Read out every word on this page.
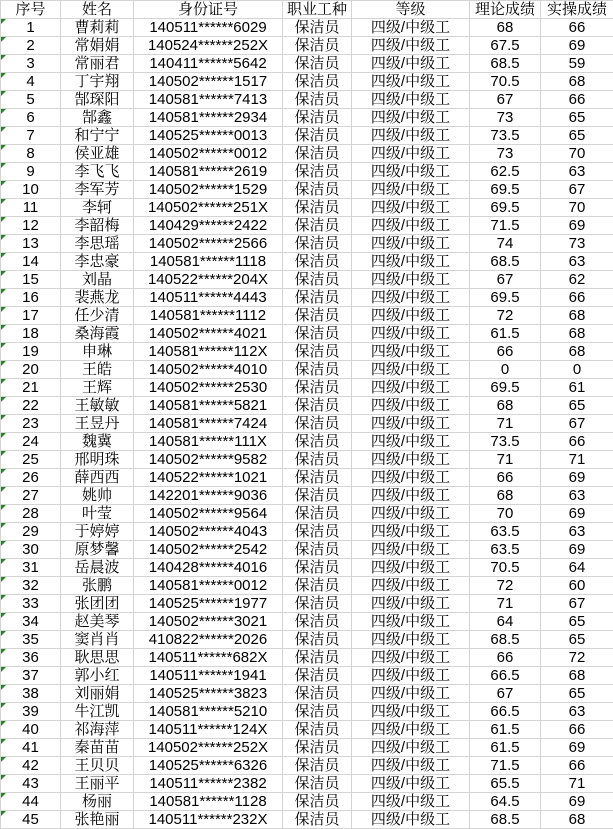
序号	姓名	身份证号	职业工种	等级	理论成绩	实操成绩

1	曹莉莉	140511******6029	保洁员	四级/中级工	68	66

2	常娟娟	140524******252X	保洁员	四级/中级工	67.5	69

3	常丽君	140411******5642	保洁员	四级/中级工	68.5	59

4	丁宇翔	140502******1517	保洁员	四级/中级工	70.5	68

5	郜琛阳	140581******7413	保洁员	四级/中级工	67	66

6	郜鑫	140581******2934	保洁员	四级/中级工	73	65

7	和宁宁	140525******0013	保洁员	四级/中级工	73.5	65

8	侯亚雄	140502******0012	保洁员	四级/中级工	73	70

9	李飞飞	140581******2619	保洁员	四级/中级工	62.5	63

10	李军芳	140502******1529	保洁员	四级/中级工	69.5	67

11	李轲	140502******251X	保洁员	四级/中级工	69.5	70

12	李韶梅	140429******2422	保洁员	四级/中级工	71.5	69

13	李思瑶	140502******2566	保洁员	四级/中级工	74	73

14	李忠豪	140581******1118	保洁员	四级/中级工	68.5	63

15	刘晶	140522******204X	保洁员	四级/中级工	67	62

16	裴燕龙	140511******4443	保洁员	四级/中级工	69.5	66

17	任少清	140581******1112	保洁员	四级/中级工	72	68

18	桑海霞	140502******4021	保洁员	四级/中级工	61.5	68

19	申琳	140581******112X	保洁员	四级/中级工	66	68

20	王皓	140502******4010	保洁员	四级/中级工	0	0

21	王辉	140502******2530	保洁员	四级/中级工	69.5	61

22	王敏敏	140581******5821	保洁员	四级/中级工	68	65

23	王昱丹	140581******7424	保洁员	四级/中级工	71	67

24	魏冀	140581******111X	保洁员	四级/中级工	73.5	66

25	邢明珠	140502******9582	保洁员	四级/中级工	71	71

26	薛西西	140522******1021	保洁员	四级/中级工	66	69

27	姚帅	142201******9036	保洁员	四级/中级工	68	63

28	叶莹	140502******9564	保洁员	四级/中级工	70	69

29	于婷婷	140502******4043	保洁员	四级/中级工	63.5	63

30	原梦馨	140502******2542	保洁员	四级/中级工	63.5	69

31	岳晨波	140428******4016	保洁员	四级/中级工	70.5	64

32	张鹏	140581******0012	保洁员	四级/中级工	72	60

33	张团团	140525******1977	保洁员	四级/中级工	71	67

34	赵美琴	140502******3021	保洁员	四级/中级工	64	65

35	窦肖肖	410822******2026	保洁员	四级/中级工	68.5	65

36	耿思思	140511******682X	保洁员	四级/中级工	66	72

37	郭小红	140511******1941	保洁员	四级/中级工	66.5	68

38	刘丽娟	140525******3823	保洁员	四级/中级工	67	65

39	牛江凯	140581******5210	保洁员	四级/中级工	66.5	63

40	祁海萍	140511******124X	保洁员	四级/中级工	61.5	66

41	秦苗苗	140502******252X	保洁员	四级/中级工	61.5	69

42	王贝贝	140525******6326	保洁员	四级/中级工	71.5	66

43	王丽平	140511******2382	保洁员	四级/中级工	65.5	71

44	杨丽	140581******1128	保洁员	四级/中级工	64.5	69

45	张艳丽	140511******232X	保洁员	四级/中级工	68.5	68
